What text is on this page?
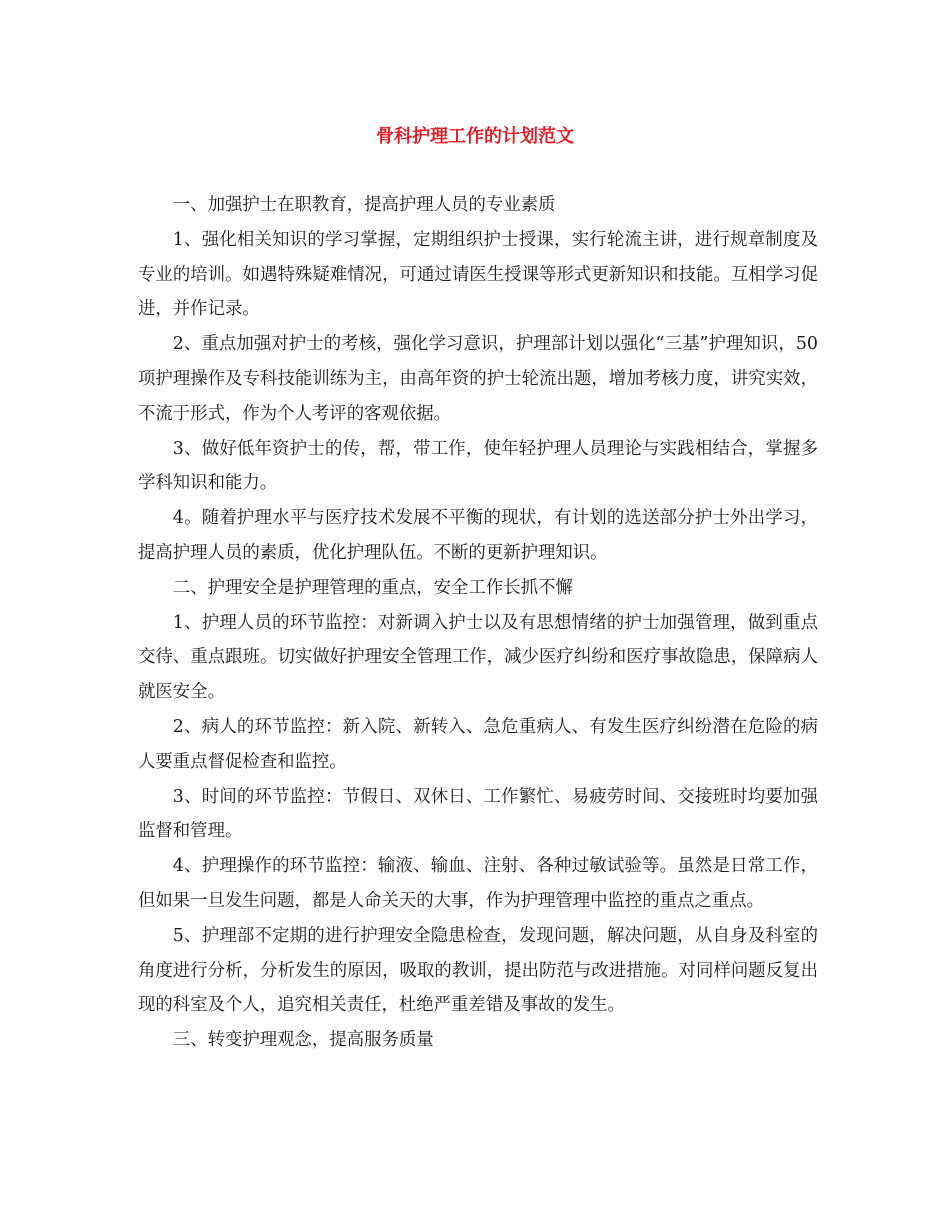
骨科护理工作的计划范文

一、加强护士在职教育，提高护理人员的专业素质

1、强化相关知识的学习掌握，定期组织护士授课，实行轮流主讲，进行规章制度及专业的培训。如遇特殊疑难情况，可通过请医生授课等形式更新知识和技能。互相学习促进，并作记录。

2、重点加强对护士的考核，强化学习意识，护理部计划以强化“三基”护理知识，50项护理操作及专科技能训练为主，由高年资的护士轮流出题，增加考核力度，讲究实效，不流于形式，作为个人考评的客观依据。

3、做好低年资护士的传，帮，带工作，使年轻护理人员理论与实践相结合，掌握多学科知识和能力。

4。随着护理水平与医疗技术发展不平衡的现状，有计划的选送部分护士外出学习，提高护理人员的素质，优化护理队伍。不断的更新护理知识。

二、护理安全是护理管理的重点，安全工作长抓不懈

1、护理人员的环节监控：对新调入护士以及有思想情绪的护士加强管理，做到重点交待、重点跟班。切实做好护理安全管理工作，减少医疗纠纷和医疗事故隐患，保障病人就医安全。

2、病人的环节监控：新入院、新转入、急危重病人、有发生医疗纠纷潜在危险的病人要重点督促检查和监控。

3、时间的环节监控：节假日、双休日、工作繁忙、易疲劳时间、交接班时均要加强监督和管理。

4、护理操作的环节监控：输液、输血、注射、各种过敏试验等。虽然是日常工作，但如果一旦发生问题，都是人命关天的大事，作为护理管理中监控的重点之重点。

5、护理部不定期的进行护理安全隐患检查，发现问题，解决问题，从自身及科室的角度进行分析，分析发生的原因，吸取的教训，提出防范与改进措施。对同样问题反复出现的科室及个人，追究相关责任，杜绝严重差错及事故的发生。

三、转变护理观念，提高服务质量
